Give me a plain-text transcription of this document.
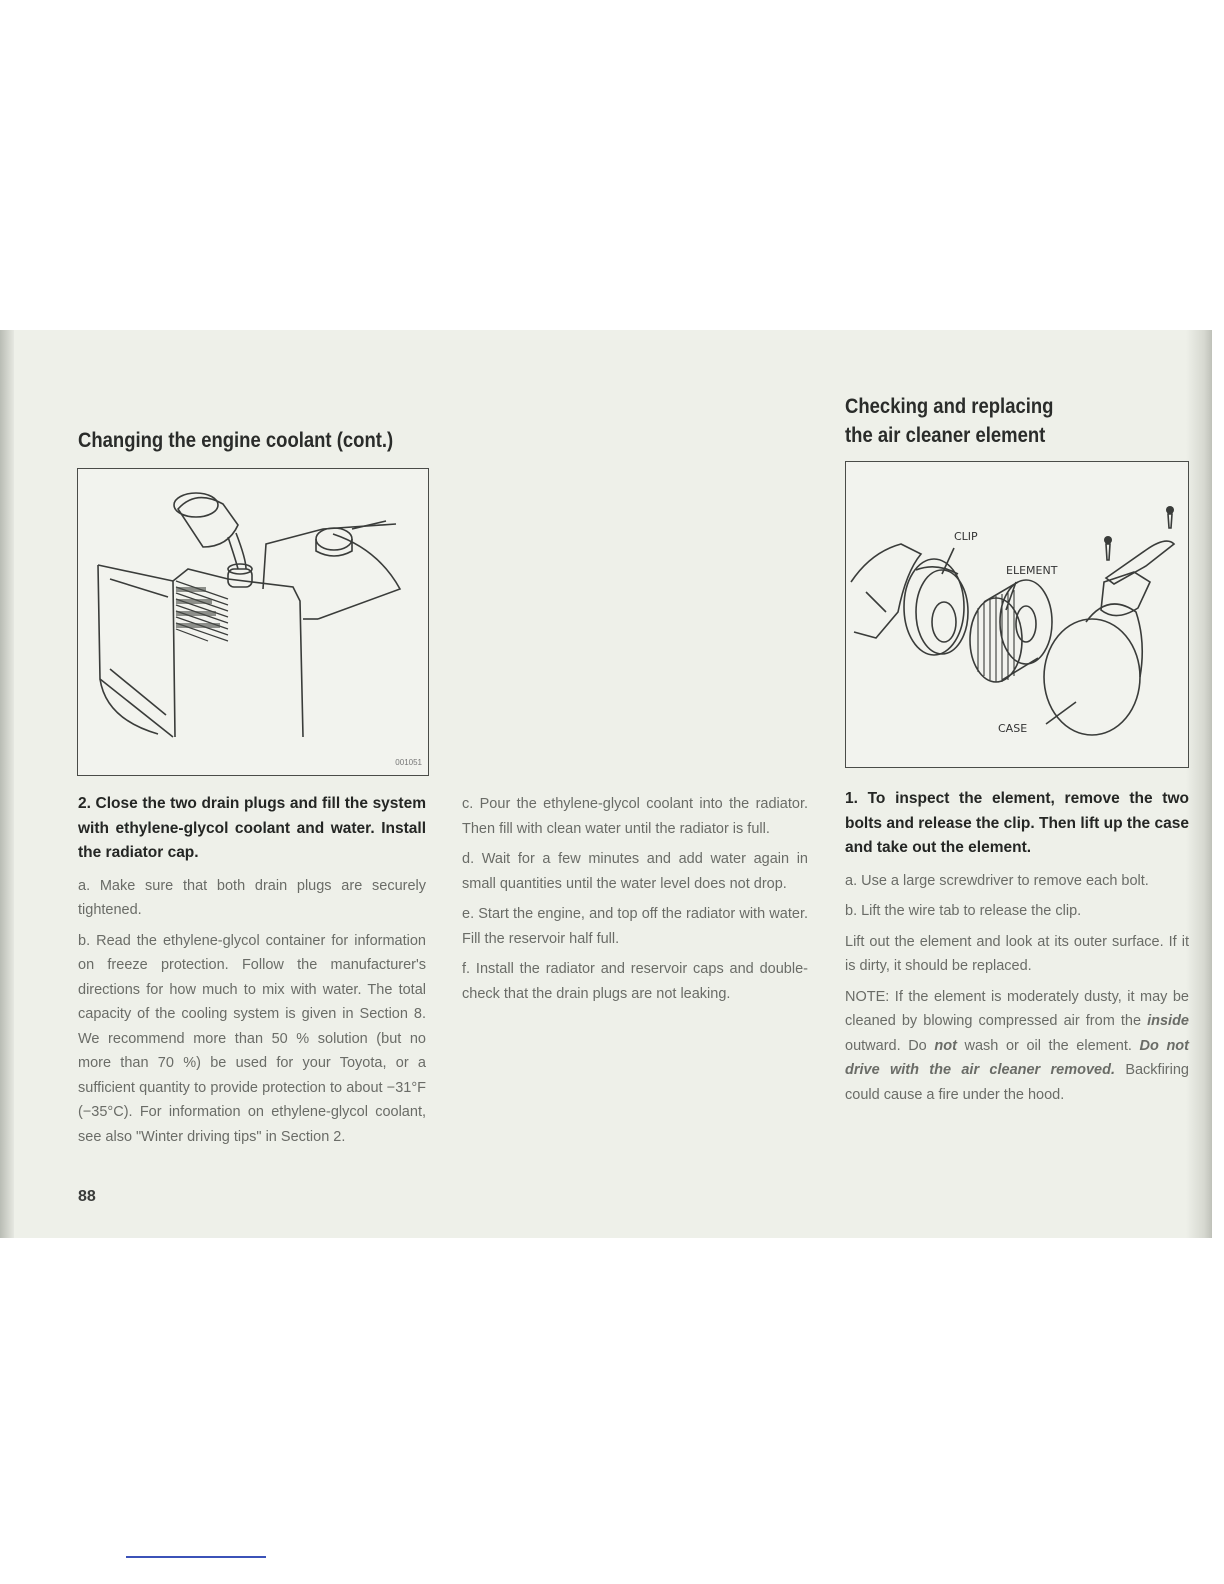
Changing the engine coolant (cont.)
001051

2. Close the two drain plugs and fill the system with ethylene-glycol coolant and water. Install the radiator cap.

a. Make sure that both drain plugs are securely tightened.

b. Read the ethylene-glycol container for information on freeze protection. Follow the manufacturer's directions for how much to mix with water. The total capacity of the cooling system is given in Section 8. We recommend more than 50 % solution (but no more than 70 %) be used for your Toyota, or a sufficient quantity to provide protection to about −31°F (−35°C). For information on ethylene-glycol coolant, see also "Winter driving tips" in Section 2.

c. Pour the ethylene-glycol coolant into the radiator. Then fill with clean water until the radiator is full.

d. Wait for a few minutes and add water again in small quantities until the water level does not drop.

e. Start the engine, and top off the radiator with water. Fill the reservoir half full.

f. Install the radiator and reservoir caps and double-check that the drain plugs are not leaking.

88
Checking and replacing
the air cleaner element
CLIP
ELEMENT
CASE

1. To inspect the element, remove the two bolts and release the clip. Then lift up the case and take out the element.

a. Use a large screwdriver to remove each bolt.

b. Lift the wire tab to release the clip.

Lift out the element and look at its outer surface. If it is dirty, it should be replaced.

NOTE: If the element is moderately dusty, it may be cleaned by blowing compressed air from the inside outward. Do not wash or oil the element. Do not drive with the air cleaner removed. Backfiring could cause a fire under the hood.
